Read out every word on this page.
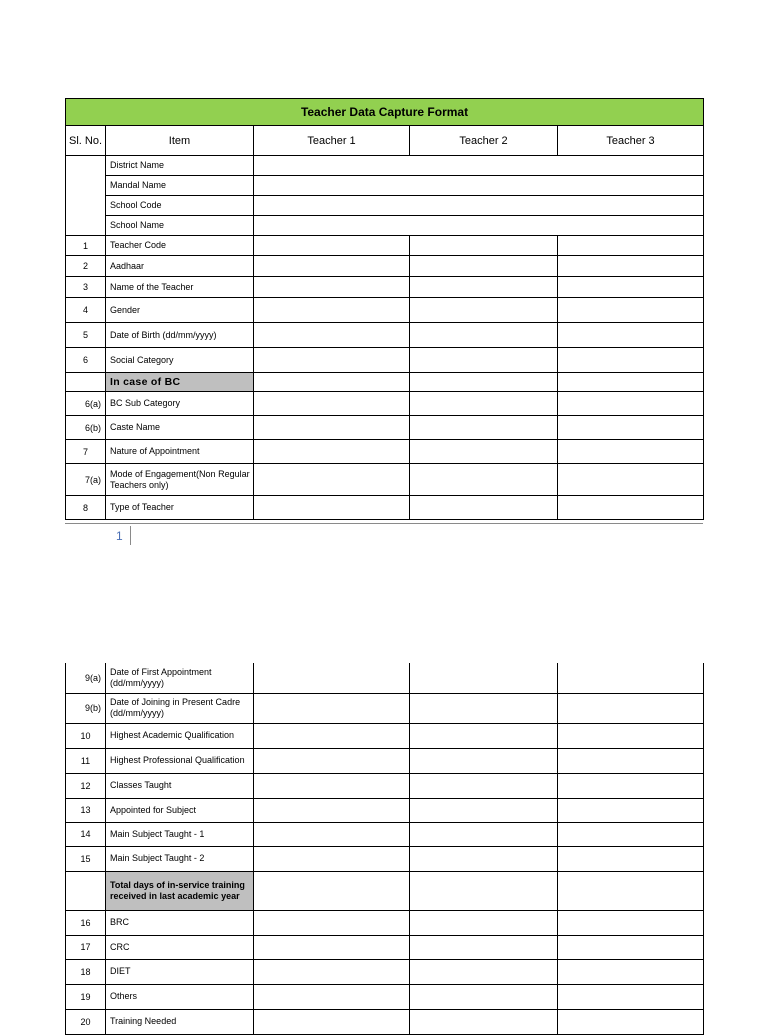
Teacher Data Capture Format				
Sl. No.	Item	Teacher 1	Teacher 2	Teacher 3
	District Name			
	Mandal Name			
	School Code			
	School Name			
1	Teacher Code			
2	Aadhaar			
3	Name of the Teacher			
4	Gender			
5	Date of Birth (dd/mm/yyyy)			
6	Social Category			
	In case of BC			
6(a)	BC Sub Category			
6(b)	Caste Name			
7	Nature of Appointment			
7(a)	Mode of Engagement(Non Regular Teachers only)			
8	Type of Teacher			
1
9(a)	Date of First Appointment (dd/mm/yyyy)			
9(b)	Date of Joining in Present Cadre (dd/mm/yyyy)			
10	Highest Academic Qualification			
11	Highest Professional Qualification			
12	Classes Taught			
13	Appointed for Subject			
14	Main Subject Taught - 1			
15	Main Subject Taught - 2			
	Total days of in-service training received in last academic year			
16	BRC			
17	CRC			
18	DIET			
19	Others			
20	Training Needed			
